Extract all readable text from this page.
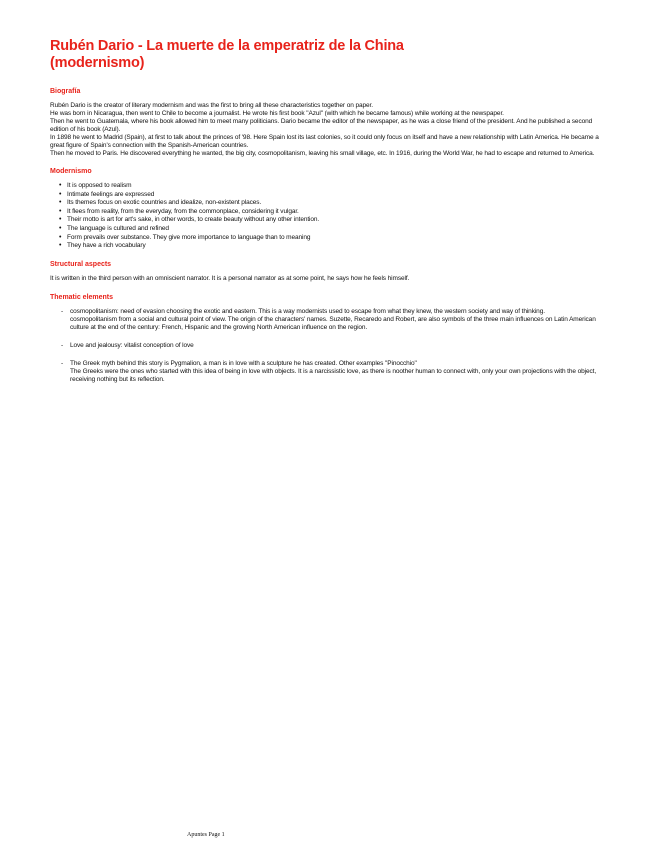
Rubén Dario - La muerte de la emperatriz de la China
(modernismo)
Biografía

Rubén Dario is the creator of literary modernism and was the first to bring all these characteristics together on paper.

He was born in Nicaragua, then went to Chile to become a journalist. He wrote his first book "Azul" (with which he became famous) while working at the newspaper.

Then he went to Guatemala, where his book allowed him to meet many politicians. Dario became the editor of the newspaper, as he was a close friend of the president. And he published a second edition of his book (Azul).

In 1898 he went to Madrid (Spain), at first to talk about the princes of '98. Here Spain lost its last colonies, so it could only focus on itself and have a new relationship with Latin America. He became a great figure of Spain's connection with the Spanish-American countries.

Then he moved to Paris. He discovered everything he wanted, the big city, cosmopolitanism, leaving his small village, etc. In 1916, during the World War, he had to escape and returned to America.

Modernismo
• It is opposed to realism
• Intimate feelings are expressed
• Its themes focus on exotic countries and idealize, non-existent places.
• It flees from reality, from the everyday, from the commonplace, considering it vulgar.
• Their motto is art for art's sake, in other words, to create beauty without any other intention.
• The language is cultured and refined
• Form prevails over substance. They give more importance to language than to meaning
• They have a rich vocabulary
Structural aspects

It is written in the third person with an omniscient narrator. It is a personal narrator as at some point, he says how he feels himself.

Thematic elements
- cosmopolitanism: need of evasion choosing the exotic and eastern. This is a way modernists used to escape from what they knew, the western society and way of thinking.
cosmopolitanism from a social and cultural point of view. The origin of the characters' names. Suzette, Recaredo and Robert, are also symbols of the three main influences on Latin American culture at the end of the century: French, Hispanic and the growing North American influence on the region.
- Love and jealousy: vitalist conception of love
- The Greek myth behind this story is Pygmalion, a man is in love with a sculpture he has created. Other examples "Pinocchio"
The Greeks were the ones who started with this idea of being in love with objects. It is a narcissistic love, as there is noother human to connect with, only your own projections with the object, receiving nothing but its reflection.
Apuntes Page 1
